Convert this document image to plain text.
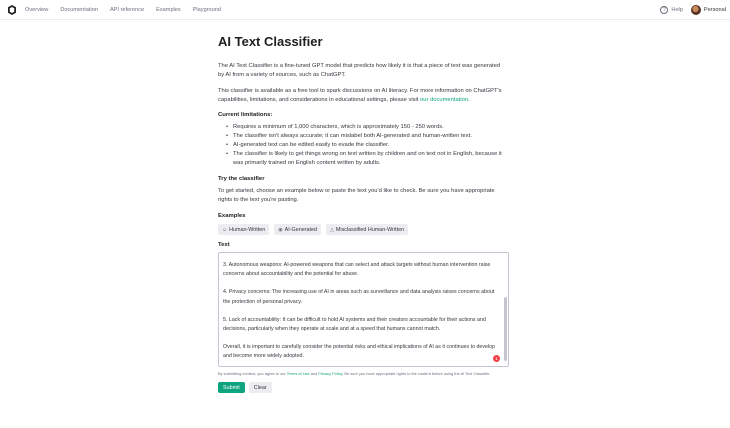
Overview Documentation API reference Examples Playground	?	Help	Personal
AI Text Classifier

The AI Text Classifier is a fine-tuned GPT model that predicts how likely it is that a piece of text was generated by AI from a variety of sources, such as ChatGPT.

This classifier is available as a free tool to spark discussions on AI literacy. For more information on ChatGPT's capabilities, limitations, and considerations in educational settings, please visit our documentation.

Current limitations:
• Requires a minimum of 1,000 characters, which is approximately 150 - 250 words.
• The classifier isn't always accurate; it can mislabel both AI-generated and human-written text.
• AI-generated text can be edited easily to evade the classifier.
• The classifier is likely to get things wrong on text written by children and on text not in English, because it was primarily trained on English content written by adults.
Try the classifier

To get started, choose an example below or paste the text you'd like to check. Be sure you have appropriate rights to the text you're pasting.

Examples
☺ Human-Written	◉ AI-Generated	△ Misclassified Human-Written
Text

3. Autonomous weapons: AI-powered weapons that can select and attack targets without human intervention raise concerns about accountability and the potential for abuse.

4. Privacy concerns: The increasing use of AI in areas such as surveillance and data analysis raises concerns about the protection of personal privacy.

5. Lack of accountability: It can be difficult to hold AI systems and their creators accountable for their actions and decisions, particularly when they operate at scale and at a speed that humans cannot match.

Overall, it is important to carefully consider the potential risks and ethical implications of AI as it continues to develop and become more widely adopted.	1
By submitting content, you agree to our Terms of Use and Privacy Policy. Be sure you have appropriate rights to the content before using the AI Text Classifier.
Submit	Clear
